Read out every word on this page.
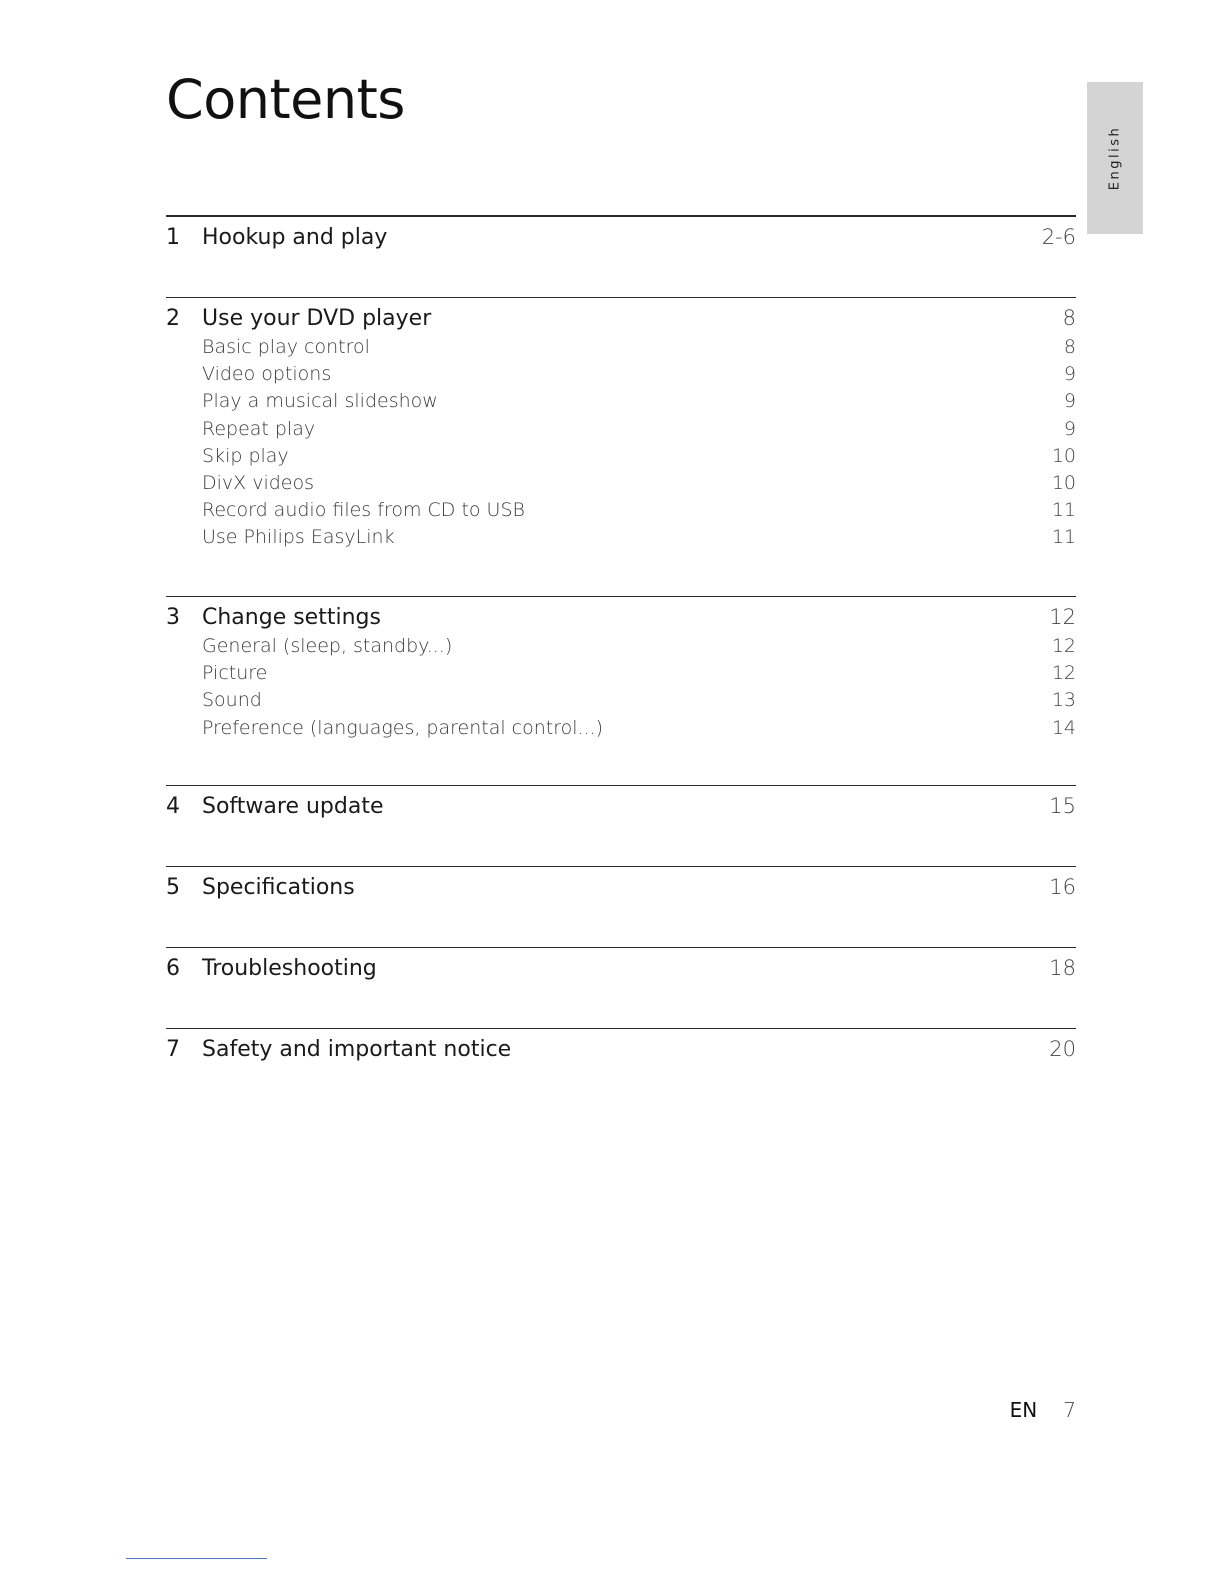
Contents
English
1	Hookup and play	2-6
2	Use your DVD player	8
Basic play control	8
Video options	9
Play a musical slideshow	9
Repeat play	9
Skip play	10
DivX videos	10
Record audio files from CD to USB	11
Use Philips EasyLink	11
3	Change settings	12
General (sleep, standby...)	12
Picture	12
Sound	13
Preference (languages, parental control...)	14
4	Software update	15
5	Specifications	16
6	Troubleshooting	18
7	Safety and important notice	20
EN 7
